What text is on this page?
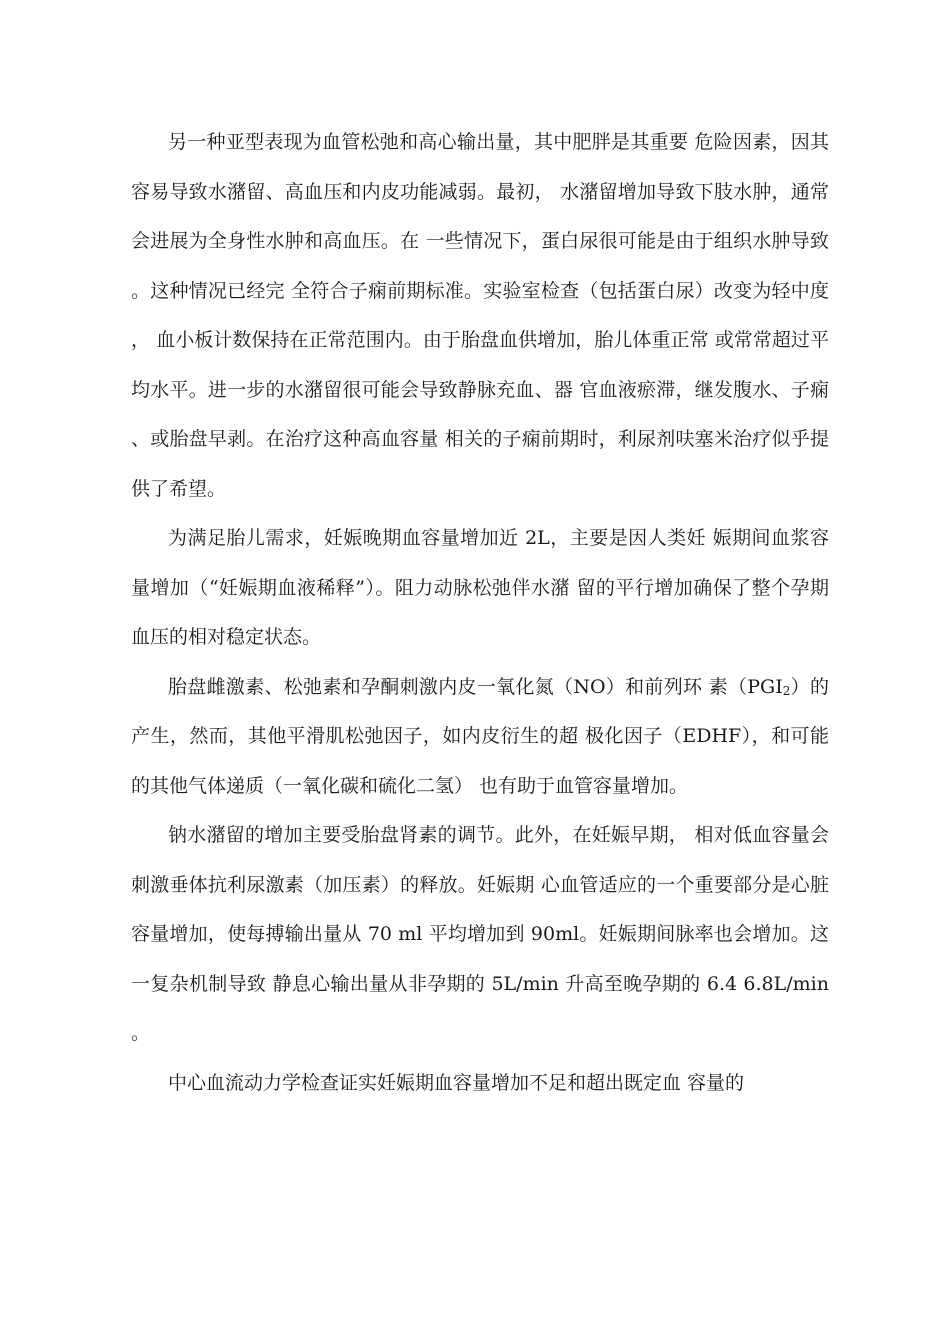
另一种亚型表现为血管松弛和高心输出量，其中肥胖是其重要 危险因素，因其容易导致水潴留、高血压和内皮功能减弱。最初， 水潴留增加导致下肢水肿，通常会进展为全身性水肿和高血压。在 一些情况下，蛋白尿很可能是由于组织水肿导致。这种情况已经完 全符合子痫前期标准。实验室检查（包括蛋白尿）改变为轻中度， 血小板计数保持在正常范围内。由于胎盘血供增加，胎儿体重正常 或常常超过平均水平。进一步的水潴留很可能会导致静脉充血、器 官血液瘀滞，继发腹水、子痫、或胎盘早剥。在治疗这种高血容量 相关的子痫前期时，利尿剂呋塞米治疗似乎提供了希望。

为满足胎儿需求，妊娠晚期血容量增加近 2L，主要是因人类妊 娠期间血浆容量增加（“妊娠期血液稀释”）。阻力动脉松弛伴水潴 留的平行增加确保了整个孕期血压的相对稳定状态。

胎盘雌激素、松弛素和孕酮刺激内皮一氧化氮（NO）和前列环 素$(PGI_2)$的产生，然而，其他平滑肌松弛因子，如内皮衍生的超 极化因子（EDHF），和可能的其他气体递质（一氧化碳和硫化二氢） 也有助于血管容量增加。

钠水潴留的增加主要受胎盘肾素的调节。此外，在妊娠早期， 相对低血容量会刺激垂体抗利尿激素（加压素）的释放。妊娠期 心血管适应的一个重要部分是心脏容量增加，使每搏输出量从 70 ml 平均增加到 90ml。妊娠期间脉率也会增加。这一复杂机制导致 静息心输出量从非孕期的 5L/min 升高至晚孕期的 6.4 6.8L/min。

中心血流动力学检查证实妊娠期血容量增加不足和超出既定血 容量的
